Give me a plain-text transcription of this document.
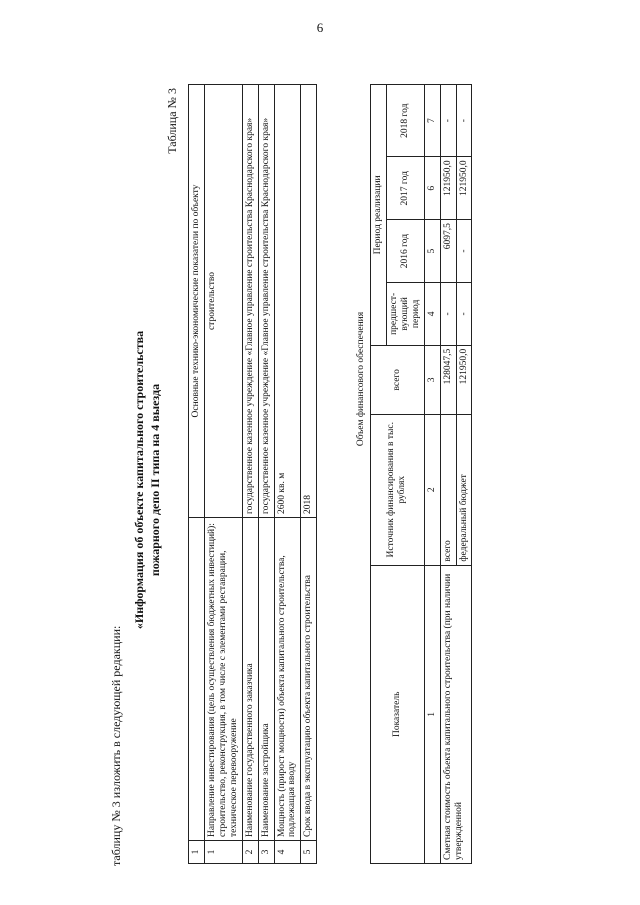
6
таблицу № 3 изложить в следующей редакции:
«Информация об объекте капитального строительства пожарного депо II типа на 4 выезда
Таблица № 3
1		Основные технико-экономические показатели по объекту
1	Направление инвестирования (цель осуществления бюджетных инвестиций): строительство, реконструкция, в том числе с элементами реставрации, техническое перевооружение	строительство
2	Наименование государственного заказчика	государственное казенное учреждение «Главное управление строительства Краснодарского края»
3	Наименование застройщика	государственное казенное учреждение «Главное управление строительства Краснодарского края»
4	Мощность (прирост мощности) объекта капитального строительства, подлежащая вводу	2600 кв. м
5	Срок ввода в эксплуатацию объекта капитального строительства	2018
Объем финансового обеспечения
Показатель	Источник финансирования в тыс. рублях	всего	Период реализации			
			предшест-вующий период	2016 год	2017 год	2018 год
1	2	3	4	5	6	7
Сметная стоимость объекта капитального строительства (при наличии утвержденной	всего	128047,5	-	6097,5	121950,0	-
	федеральный бюджет	121950,0	-	-	121950,0	-
